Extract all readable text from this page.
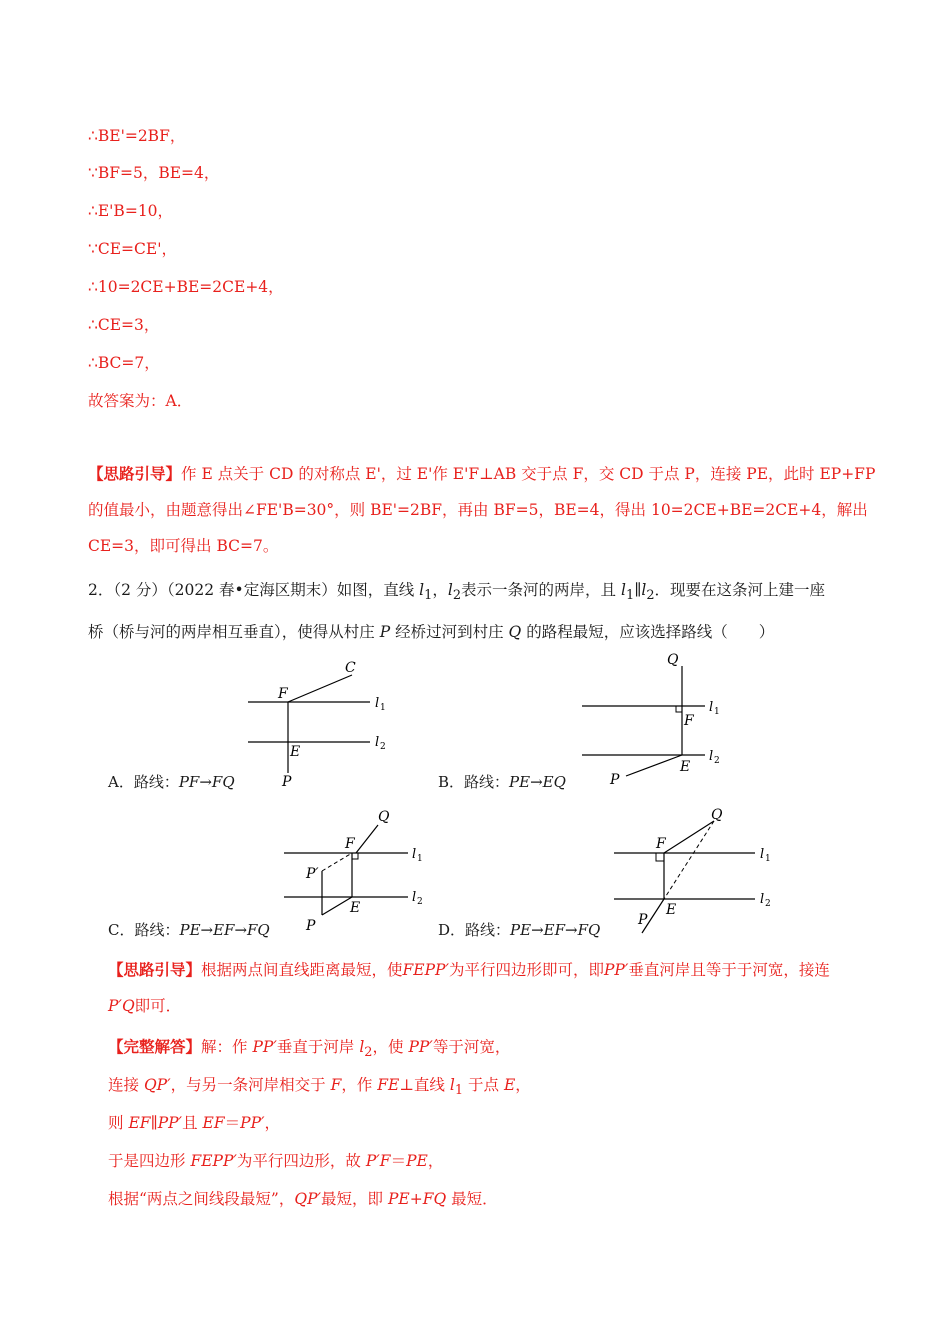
∴BE'=2BF，
∵BF=5，BE=4，
∴E'B=10，
∵CE=CE'，
∴10=2CE+BE=2CE+4，
∴CE=3，
∴BC=7，
故答案为：A．
【思路引导】作 E 点关于 CD 的对称点 E'，过 E'作 E'F⊥AB 交于点 F，交 CD 于点 P，连接 PE，此时 EP+FP 的值最小，由题意得出∠FE'B=30°，则 BE'=2BF，再由 BF=5，BE=4，得出 10=2CE+BE=2CE+4，解出 CE=3，即可得出 BC=7。
2．（2 分）（2022 春•定海区期末）如图，直线 $l_1$，$l_2$表示一条河的两岸，且 $l_1\parallel l_2$．现要在这条河上建一座
桥（桥与河的两岸相互垂直），使得从村庄 P 经桥过河到村庄 Q 的路程最短，应该选择路线（　　）
C
F
E
P
l 1
l 2
A．路线：PF→FQ
Q
F
E
P
l 1
l 2
B．路线：PE→EQ
Q
F
P′
E
P
l 1
l 2
C．路线：PE→EF→FQ
Q
F
E
P
l 1
l 2
D．路线：PE→EF→FQ
【思路引导】根据两点间直线距离最短，使FEPP′为平行四边形即可，即PP′垂直河岸且等于于河宽，接连
P′Q即可．
【完整解答】解：作 PP′垂直于河岸 $l_2$，使 PP′等于河宽，
连接 QP′，与另一条河岸相交于 F，作 FE⊥直线 $l_1$ 于点 E，
则 EF∥PP′且 EF＝PP′，
于是四边形 FEPP′为平行四边形，故 P′F＝PE，
根据“两点之间线段最短”，QP′最短，即 PE+FQ 最短．
